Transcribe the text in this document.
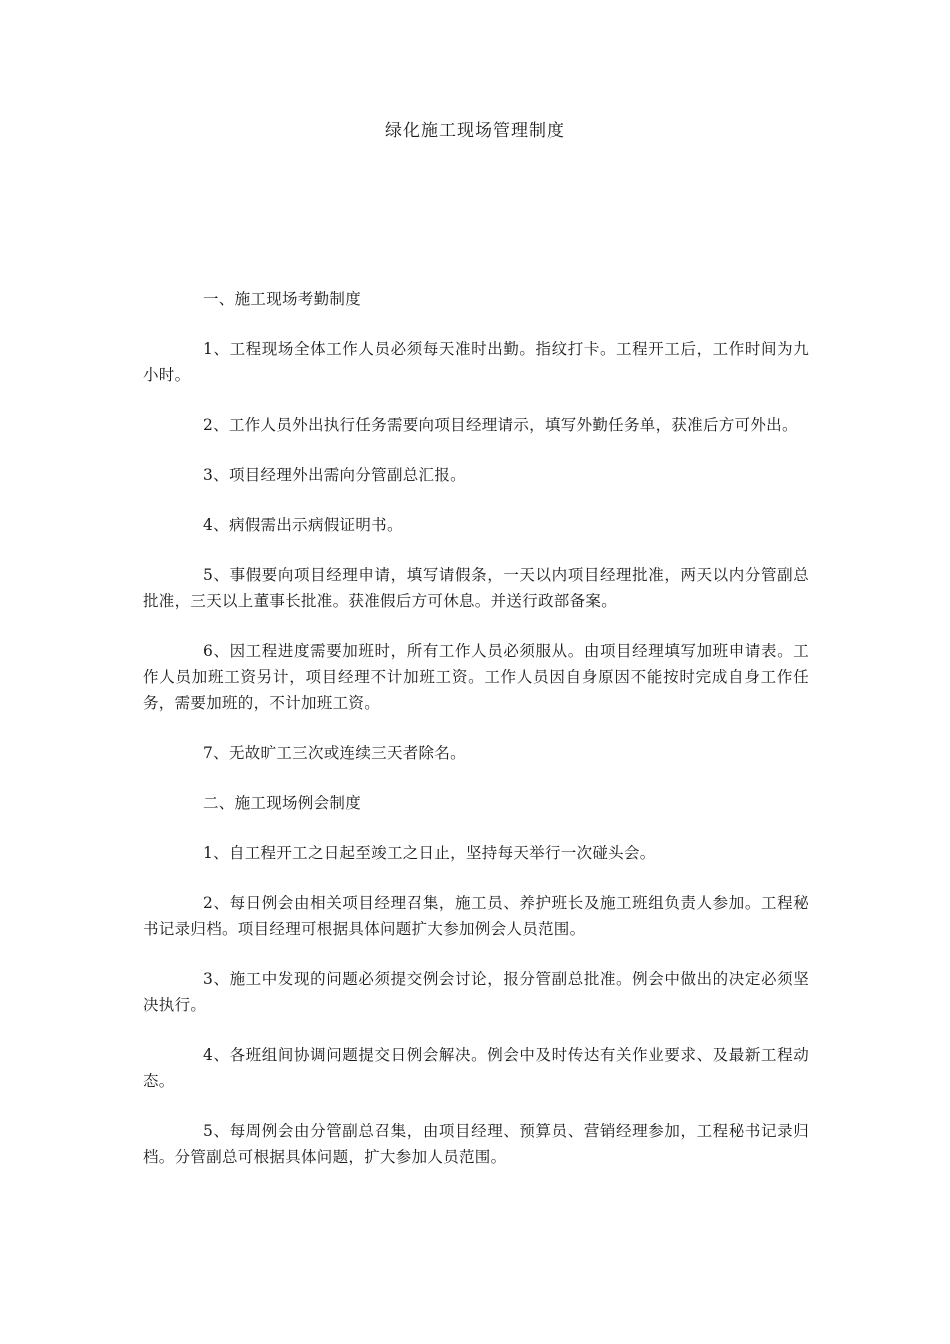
绿化施工现场管理制度

一、施工现场考勤制度

1、工程现场全体工作人员必须每天准时出勤。指纹打卡。工程开工后，工作时间为九小时。

2、工作人员外出执行任务需要向项目经理请示，填写外勤任务单，获准后方可外出。

3、项目经理外出需向分管副总汇报。

4、病假需出示病假证明书。

5、事假要向项目经理申请，填写请假条，一天以内项目经理批准，两天以内分管副总批准，三天以上董事长批准。获准假后方可休息。并送行政部备案。

6、因工程进度需要加班时，所有工作人员必须服从。由项目经理填写加班申请表。工作人员加班工资另计，项目经理不计加班工资。工作人员因自身原因不能按时完成自身工作任务，需要加班的，不计加班工资。

7、无故旷工三次或连续三天者除名。

二、施工现场例会制度

1、自工程开工之日起至竣工之日止，坚持每天举行一次碰头会。

2、每日例会由相关项目经理召集，施工员、养护班长及施工班组负责人参加。工程秘书记录归档。项目经理可根据具体问题扩大参加例会人员范围。

3、施工中发现的问题必须提交例会讨论，报分管副总批准。例会中做出的决定必须坚决执行。

4、各班组间协调问题提交日例会解决。例会中及时传达有关作业要求、及最新工程动态。

5、每周例会由分管副总召集，由项目经理、预算员、营销经理参加，工程秘书记录归档。分管副总可根据具体问题，扩大参加人员范围。
